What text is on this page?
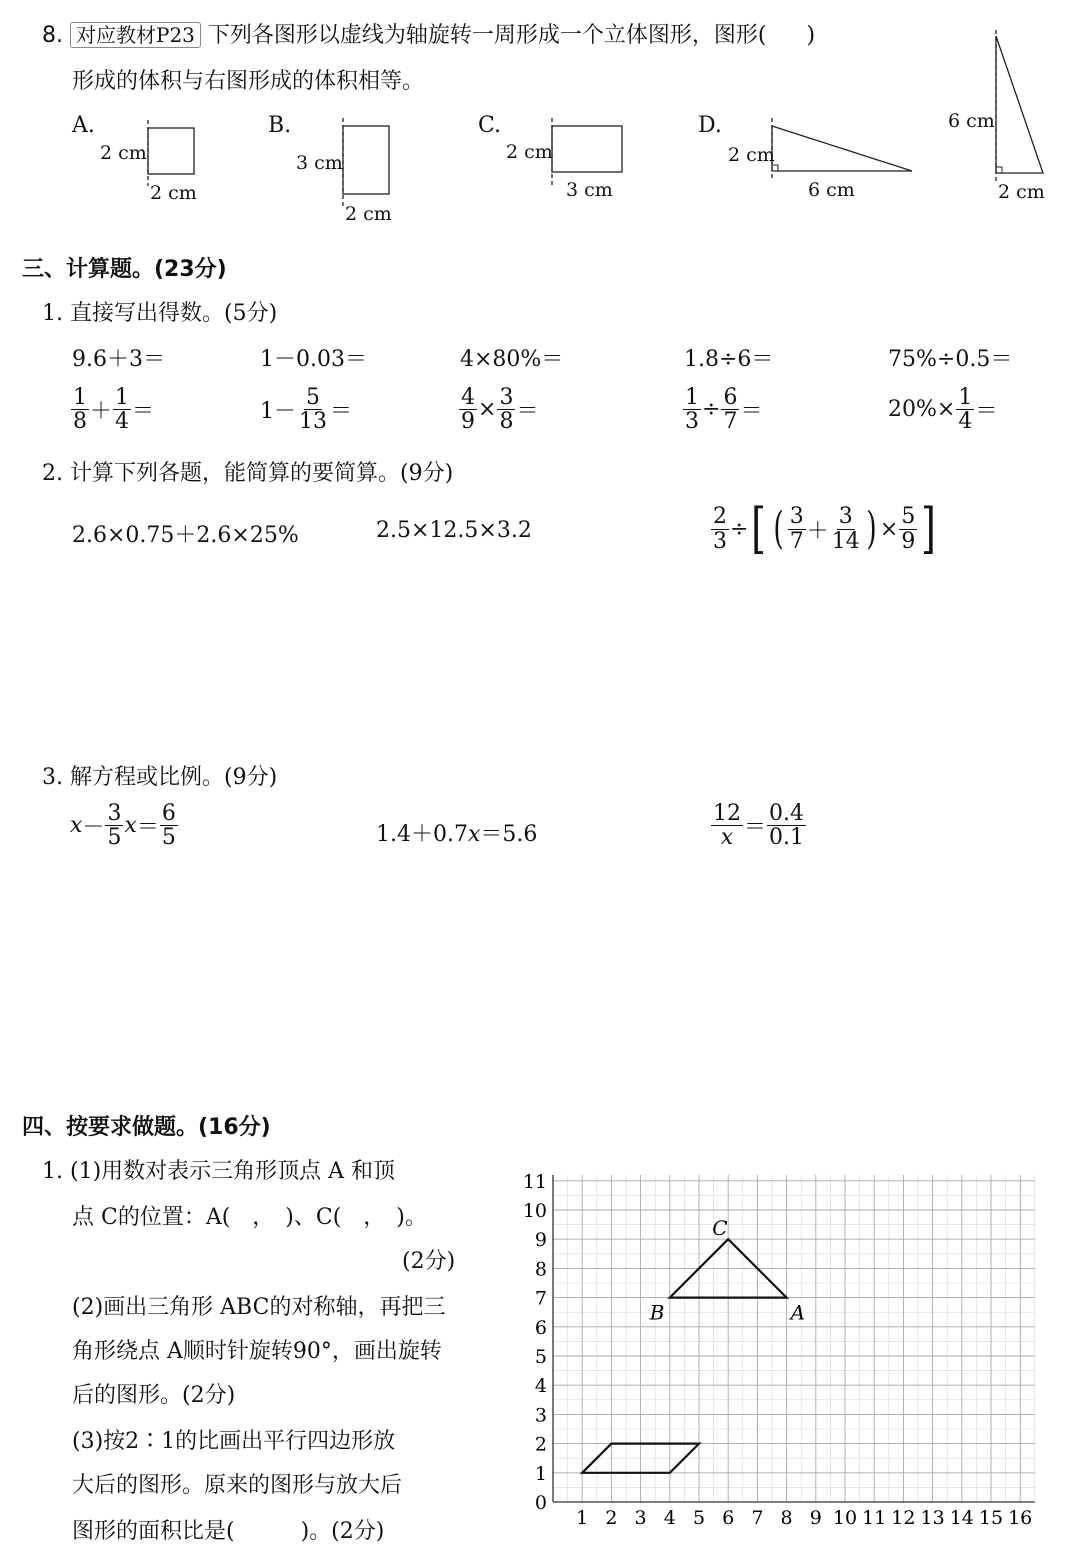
8. 对应教材P23 下列各图形以虚线为轴旋转一周形成一个立体图形，图形( )
形成的体积与右图形成的体积相等。
A.
2 cm
2 cm
B.
3 cm
2 cm
C.
2 cm
3 cm
D.
2 cm
6 cm
6 cm
2 cm
三、计算题。(23分)
1. 直接写出得数。(5分)
9.6＋3＝	1－0.03＝	4×80%＝	1.8÷6＝	75%÷0.5＝
$\frac{1}{8} + \frac{1}{4}$ ＝	$1- \frac{5}{13}$ ＝	$\frac{4}{9} \times \frac{3}{8}$ ＝	$\frac{1}{3} \div \frac{6}{7}$ ＝	$20\%\times \frac{1}{4}$ ＝
2. 计算下列各题，能简算的要简算。(9分)
2.6×0.75＋2.6×25%	2.5×12.5×3.2	$\frac{2}{3}$ ÷ [ ( $\frac{3}{7} + \frac{3}{14}$ ) × $\frac{5}{9}$ ]
3. 解方程或比例。(9分)
$x - \frac{3}{5}$ $x = \frac{6}{5}$	1.4＋0.7x＝5.6	$\frac{12}{x} = \frac{0.4}{0.1}$
四、按要求做题。(16分)
1. (1)用数对表示三角形顶点 A 和顶
点 C的位置：A(　，　)、C(　，　)。
(2分)
(2)画出三角形 ABC的对称轴，再把三
角形绕点 A顺时针旋转90°，画出旋转
后的图形。(2分)
(3)按2∶1的比画出平行四边形放
大后的图形。原来的图形与放大后
图形的面积比是(　　　)。(2分)
1 2 3 4 5 6 7 8 9 10 11 12 13 14 15 16
0
1
2
3
4
5
6
7
8
9
10
11
A
B
C
